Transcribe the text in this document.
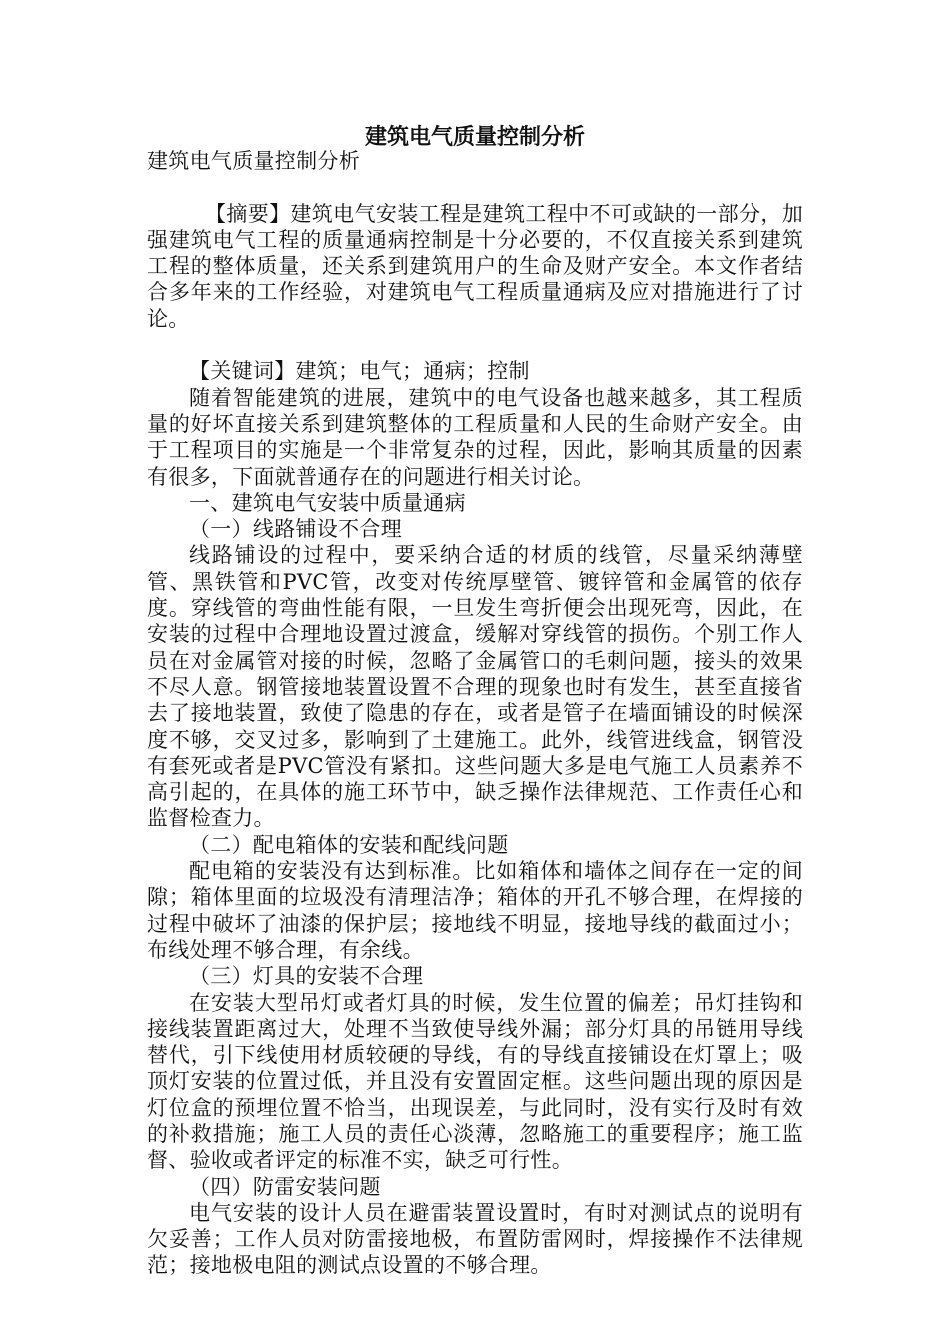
建筑电气质量控制分析

建筑电气质量控制分析

【摘要】建筑电气安装工程是建筑工程中不可或缺的一部分，加强建筑电气工程的质量通病控制是十分必要的，不仅直接关系到建筑工程的整体质量，还关系到建筑用户的生命及财产安全。本文作者结合多年来的工作经验，对建筑电气工程质量通病及应对措施进行了讨论。

【关键词】建筑；电气；通病；控制

随着智能建筑的进展，建筑中的电气设备也越来越多，其工程质量的好坏直接关系到建筑整体的工程质量和人民的生命财产安全。由于工程项目的实施是一个非常复杂的过程，因此，影响其质量的因素有很多，下面就普通存在的问题进行相关讨论。

一、建筑电气安装中质量通病

（一）线路铺设不合理

线路铺设的过程中，要采纳合适的材质的线管，尽量采纳薄壁管、黑铁管和PVC管，改变对传统厚壁管、镀锌管和金属管的依存度。穿线管的弯曲性能有限，一旦发生弯折便会出现死弯，因此，在安装的过程中合理地设置过渡盒，缓解对穿线管的损伤。个别工作人员在对金属管对接的时候，忽略了金属管口的毛刺问题，接头的效果不尽人意。钢管接地装置设置不合理的现象也时有发生，甚至直接省去了接地装置，致使了隐患的存在，或者是管子在墙面铺设的时候深度不够，交叉过多，影响到了土建施工。此外，线管进线盒，钢管没有套死或者是PVC管没有紧扣。这些问题大多是电气施工人员素养不高引起的，在具体的施工环节中，缺乏操作法律规范、工作责任心和监督检查力。

（二）配电箱体的安装和配线问题

配电箱的安装没有达到标准。比如箱体和墙体之间存在一定的间隙；箱体里面的垃圾没有清理洁净；箱体的开孔不够合理，在焊接的过程中破坏了油漆的保护层；接地线不明显，接地导线的截面过小；布线处理不够合理，有余线。

（三）灯具的安装不合理

在安装大型吊灯或者灯具的时候，发生位置的偏差；吊灯挂钩和接线装置距离过大，处理不当致使导线外漏；部分灯具的吊链用导线替代，引下线使用材质较硬的导线，有的导线直接铺设在灯罩上；吸顶灯安装的位置过低，并且没有安置固定框。这些问题出现的原因是灯位盒的预埋位置不恰当，出现误差，与此同时，没有实行及时有效的补救措施；施工人员的责任心淡薄，忽略施工的重要程序；施工监督、验收或者评定的标准不实，缺乏可行性。

（四）防雷安装问题

电气安装的设计人员在避雷装置设置时，有时对测试点的说明有欠妥善；工作人员对防雷接地极，布置防雷网时，焊接操作不法律规范；接地极电阻的测试点设置的不够合理。
